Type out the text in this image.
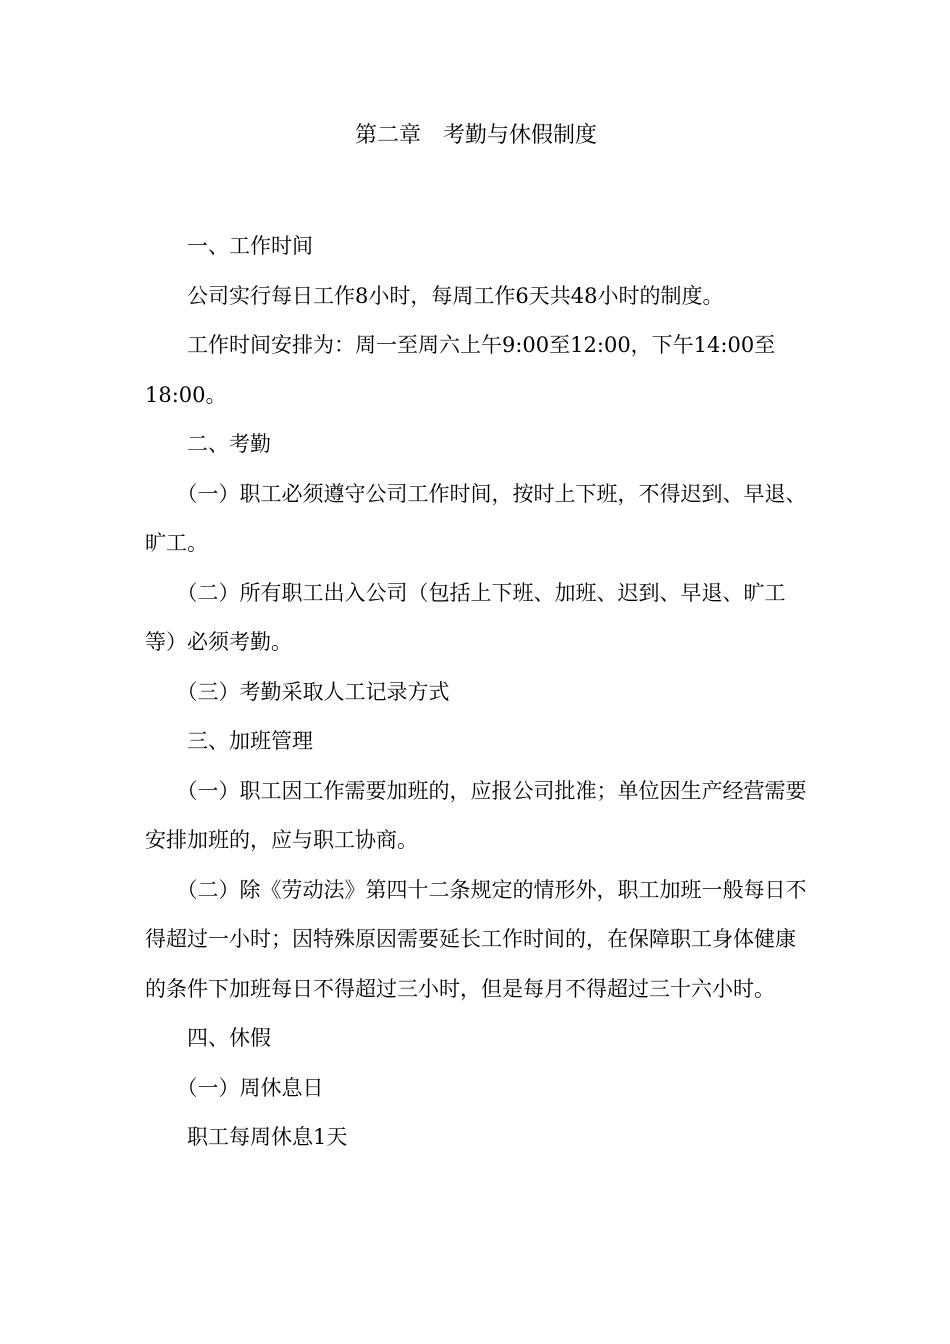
第二章　考勤与休假制度

一、工作时间

公司实行每日工作8小时，每周工作6天共48小时的制度。

工作时间安排为：周一至周六上午9:00至12:00，下午14:00至18:00。

二、考勤

（一）职工必须遵守公司工作时间，按时上下班，不得迟到、早退、旷工。

（二）所有职工出入公司（包括上下班、加班、迟到、早退、旷工等）必须考勤。

（三）考勤采取人工记录方式

三、加班管理

（一）职工因工作需要加班的，应报公司批准；单位因生产经营需要安排加班的，应与职工协商。

（二）除《劳动法》第四十二条规定的情形外，职工加班一般每日不得超过一小时；因特殊原因需要延长工作时间的，在保障职工身体健康的条件下加班每日不得超过三小时，但是每月不得超过三十六小时。

四、休假

（一）周休息日

职工每周休息1天
